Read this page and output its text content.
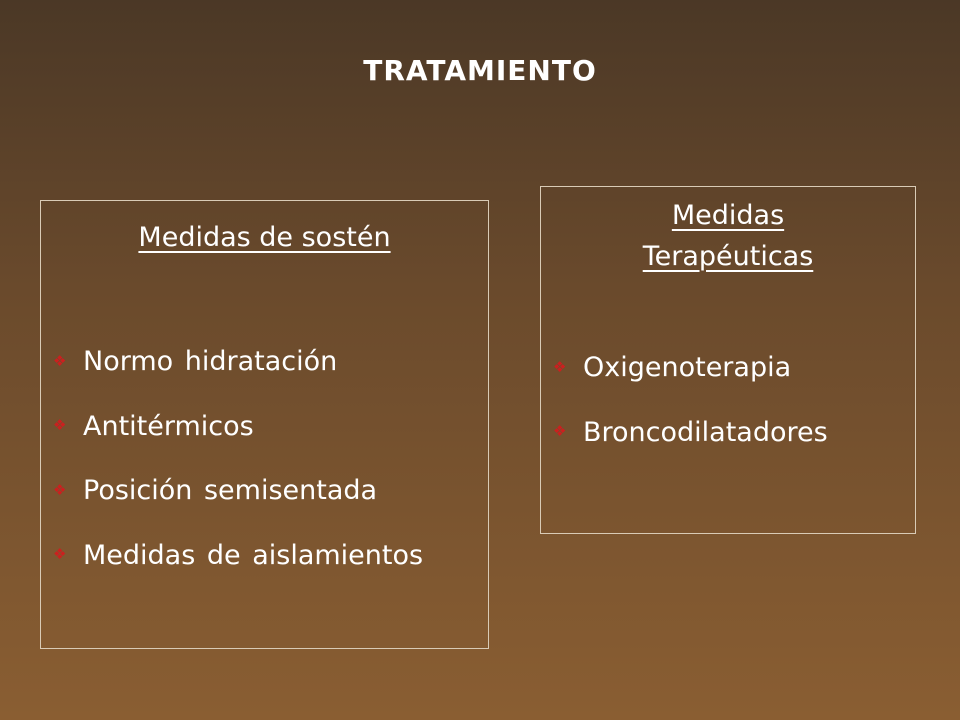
TRATAMIENTO
Medidas de sostén
❖ Normo hidratación
❖ Antitérmicos
❖ Posición semisentada
❖ Medidas de aislamientos
Medidas
Terapéuticas
❖ Oxigenoterapia
❖ Broncodilatadores
